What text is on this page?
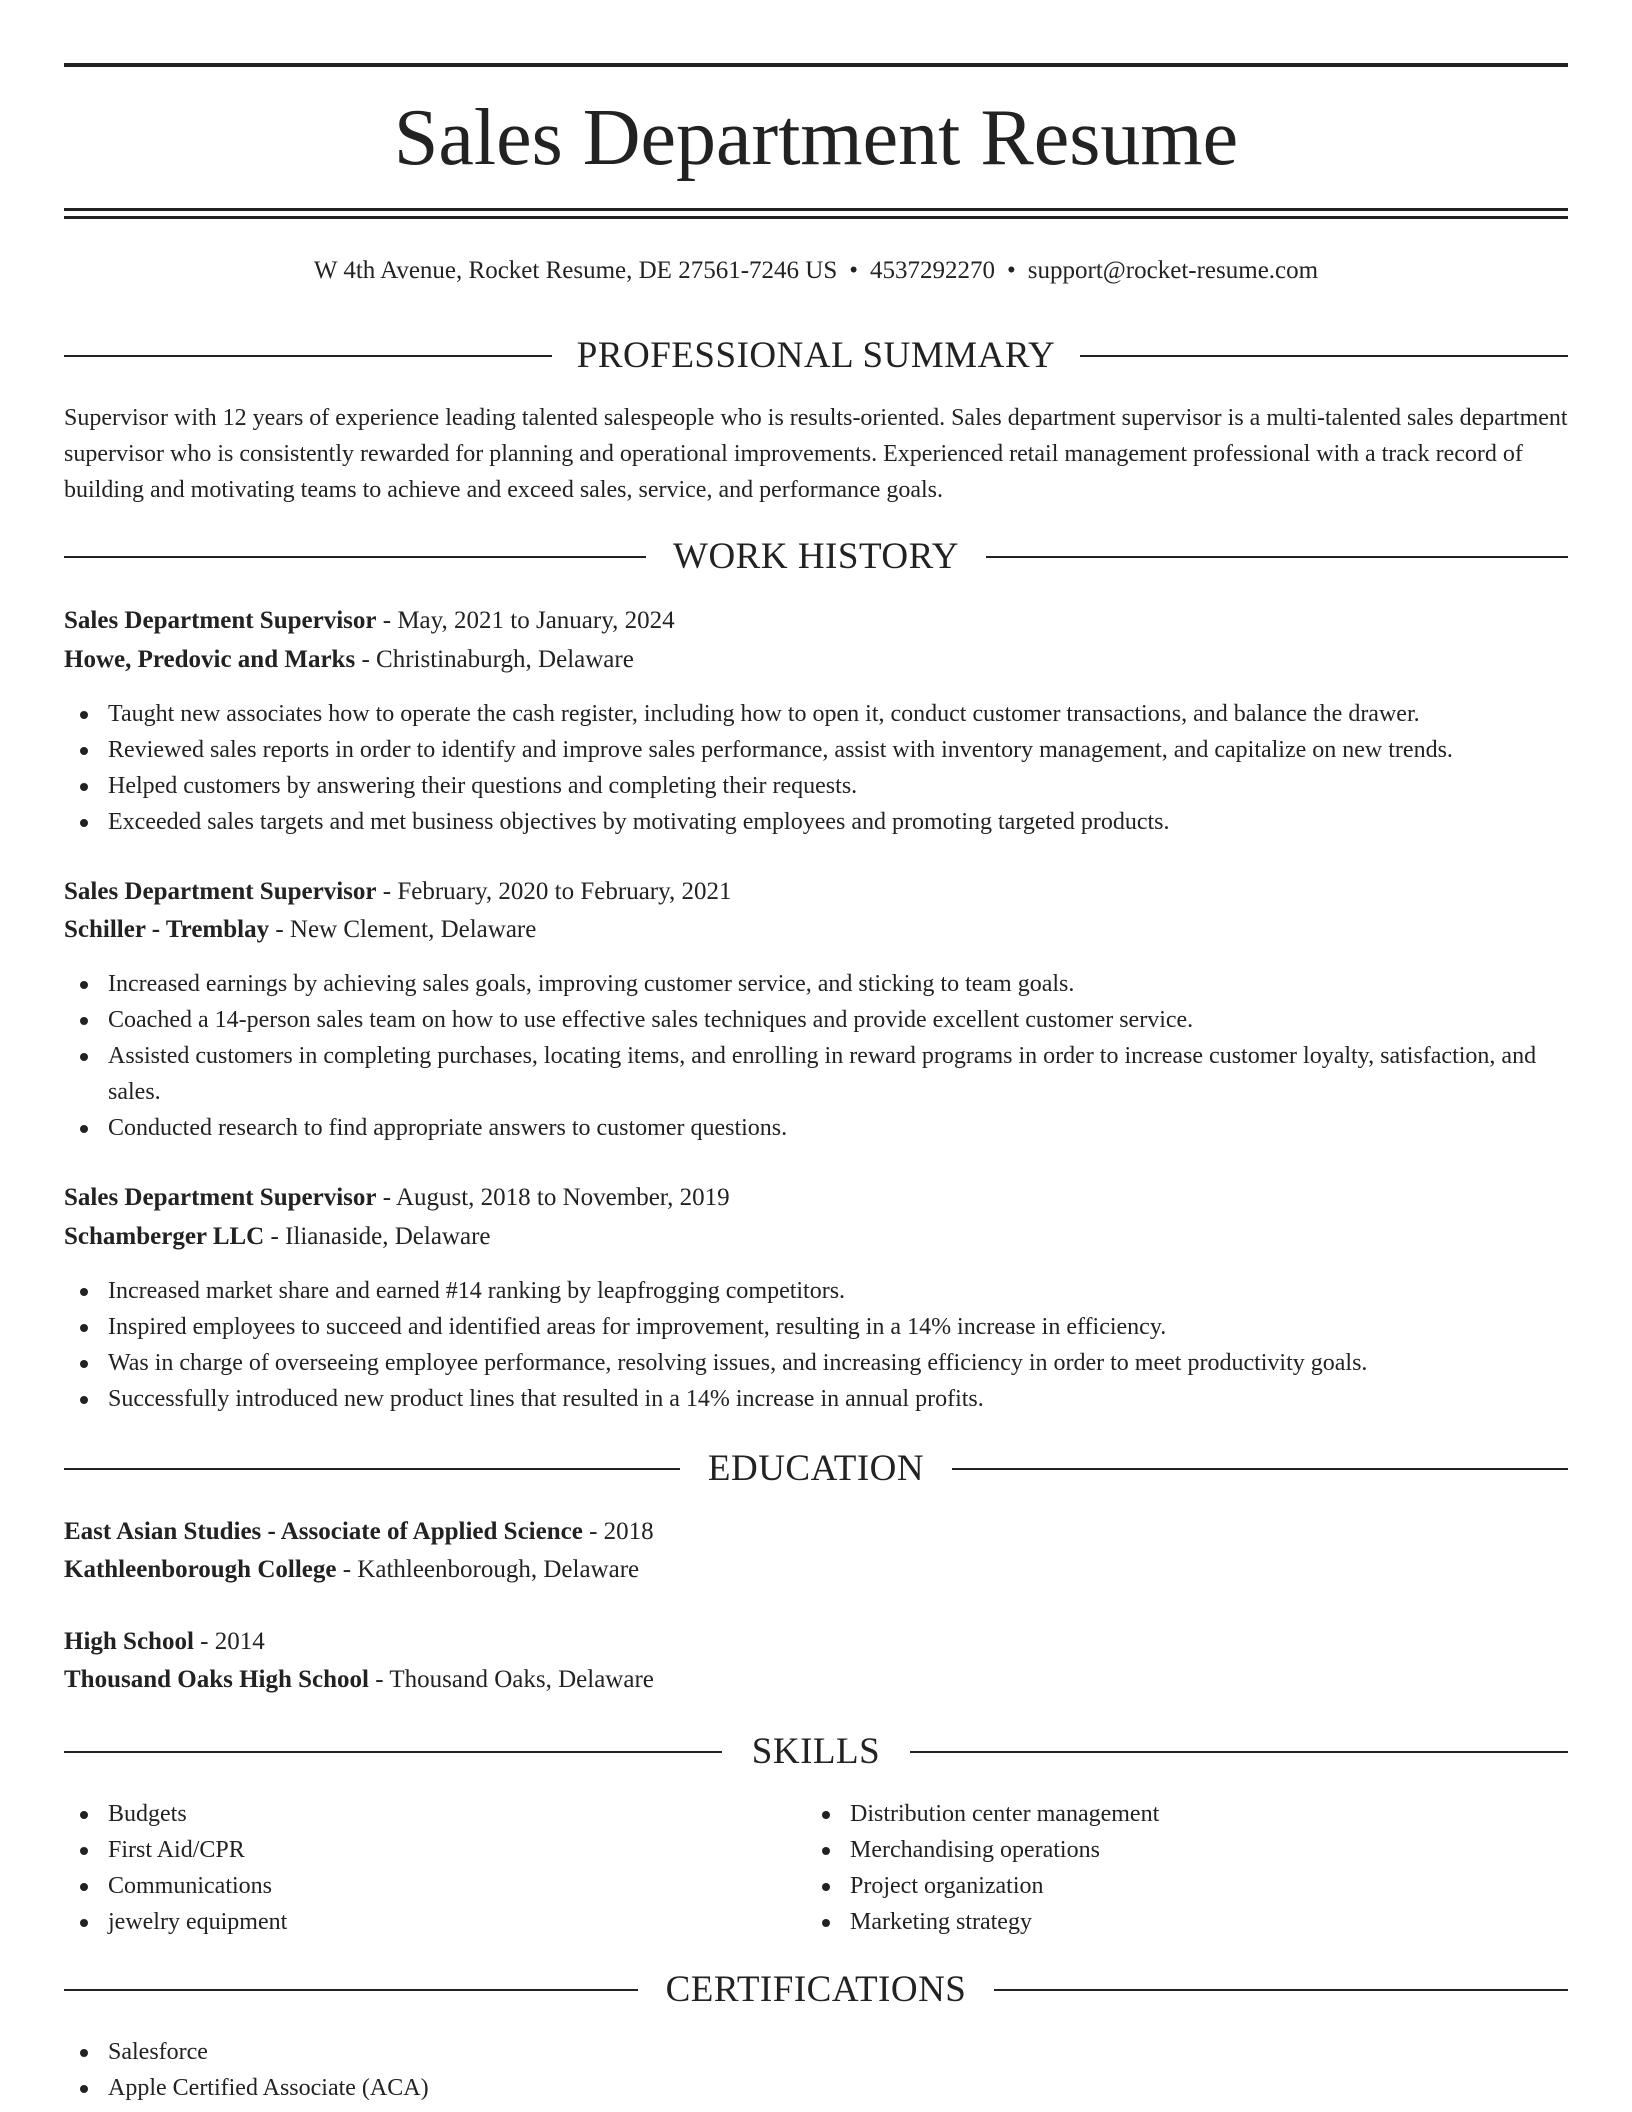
Sales Department Resume
W 4th Avenue, Rocket Resume, DE 27561-7246 US • 4537292270 • support@rocket-resume.com
PROFESSIONAL SUMMARY

Supervisor with 12 years of experience leading talented salespeople who is results-oriented. Sales department supervisor is a multi-talented sales department supervisor who is consistently rewarded for planning and operational improvements. Experienced retail management professional with a track record of building and motivating teams to achieve and exceed sales, service, and performance goals.

WORK HISTORY
Sales Department Supervisor - May, 2021 to January, 2024
Howe, Predovic and Marks - Christinaburgh, Delaware
Taught new associates how to operate the cash register, including how to open it, conduct customer transactions, and balance the drawer.
Reviewed sales reports in order to identify and improve sales performance, assist with inventory management, and capitalize on new trends.
Helped customers by answering their questions and completing their requests.
Exceeded sales targets and met business objectives by motivating employees and promoting targeted products.
Sales Department Supervisor - February, 2020 to February, 2021
Schiller - Tremblay - New Clement, Delaware
Increased earnings by achieving sales goals, improving customer service, and sticking to team goals.
Coached a 14-person sales team on how to use effective sales techniques and provide excellent customer service.
Assisted customers in completing purchases, locating items, and enrolling in reward programs in order to increase customer loyalty, satisfaction, and sales.
Conducted research to find appropriate answers to customer questions.
Sales Department Supervisor - August, 2018 to November, 2019
Schamberger LLC - Ilianaside, Delaware
Increased market share and earned #14 ranking by leapfrogging competitors.
Inspired employees to succeed and identified areas for improvement, resulting in a 14% increase in efficiency.
Was in charge of overseeing employee performance, resolving issues, and increasing efficiency in order to meet productivity goals.
Successfully introduced new product lines that resulted in a 14% increase in annual profits.
EDUCATION
East Asian Studies - Associate of Applied Science - 2018
Kathleenborough College - Kathleenborough, Delaware
High School - 2014
Thousand Oaks High School - Thousand Oaks, Delaware
SKILLS
Budgets
First Aid/CPR
Communications
jewelry equipment
Distribution center management
Merchandising operations
Project organization
Marketing strategy
CERTIFICATIONS
Salesforce
Apple Certified Associate (ACA)
